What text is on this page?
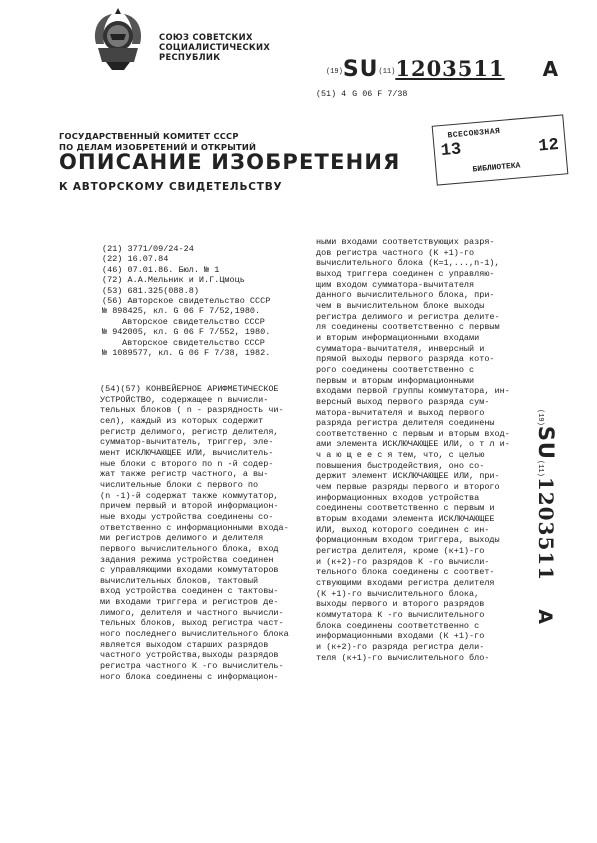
СОЮЗ СОВЕТСКИХ
СОЦИАЛИСТИЧЕСКИХ
РЕСПУБЛИК
(19)SU(11)1203511 A
(51) 4 G 06 F 7/38
ГОСУДАРСТВЕННЫЙ КОМИТЕТ СССР
ПО ДЕЛАМ ИЗОБРЕТЕНИЙ И ОТКРЫТИЙ
ВСЕСОЮЗНАЯ
13	12
БИБЛИОТЕКА
ОПИСАНИЕ ИЗОБРЕТЕНИЯ
К АВТОРСКОМУ СВИДЕТЕЛЬСТВУ
(21) 3771/09/24-24
(22) 16.07.84
(46) 07.01.86. Бюл. № 1
(72) А.А.Мельник и И.Г.Цмоць
(53) 681.325(088.8)
(56) Авторское свидетельство СССР
№ 898425, кл. G 06 F 7/52,1980.
Авторское свидетельство СССР
№ 942005, кл. G 06 F 7/552, 1980.
Авторское свидетельство СССР
№ 1089577, кл. G 06 F 7/38, 1982.
(54)(57) КОНВЕЙЕРНОЕ АРИФМЕТИЧЕСКОЕ
УСТРОЙСТВО, содержащее n вычисли-
тельных блоков ( n - разрядность чи-
сел), каждый из которых содержит
регистр делимого, регистр делителя,
сумматор-вычитатель, триггер, эле-
мент ИСКЛЮЧАЮЩЕЕ ИЛИ, вычислитель-
ные блоки с второго по n -й содер-
жат также регистр частного, а вы-
числительные блоки с первого по
(n -1)-й содержат также коммутатор,
причем первый и второй информацион-
ные входы устройства соединены со-
ответственно с информационными входа-
ми регистров делимого и делителя
первого вычислительного блока, вход
задания режима устройства соединен
с управляющими входами коммутаторов
вычислительных блоков, тактовый
вход устройства соединен с тактовы-
ми входами триггера и регистров де-
лимого, делителя и частного вычисли-
тельных блоков, выход регистра част-
ного последнего вычислительного блока
является выходом старших разрядов
частного устройства,выходы разрядов
регистра частного К -го вычислитель-
ного блока соединены с информацион-
ными входами соответствующих разря-
дов регистра частного (К +1)-го
вычислительного блока (К=1,...,n-1),
выход триггера соединен с управляю-
щим входом сумматора-вычитателя
данного вычислительного блока, при-
чем в вычислительном блоке выходы
регистра делимого и регистра делите-
ля соединены соответственно с первым
и вторым информационными входами
сумматора-вычитателя, инверсный и
прямой выходы первого разряда кото-
рого соединены соответственно с
первым и вторым информационными
входами первой группы коммутатора, ин-
версный выход первого разряда сум-
матора-вычитателя и выход первого
разряда регистра делителя соединены
соответственно с первым и вторым вход-
ами элемента ИСКЛЮЧАЮЩЕЕ ИЛИ, о т л и-
ч а ю щ е е с я тем, что, с целью
повышения быстродействия, оно со-
держит элемент ИСКЛЮЧАЮЩЕЕ ИЛИ, при-
чем первые разряды первого и второго
информационных входов устройства
соединены соответственно с первым и
вторым входами элемента ИСКЛЮЧАЮЩЕЕ
ИЛИ, выход которого соединен с ин-
формационным входом триггера, выходы
регистра делителя, кроме (к+1)-го
и (к+2)-го разрядов К -го вычисли-
тельного блока соединены с соответ-
ствующими входами регистра делителя
(К +1)-го вычислительного блока,
выходы первого и второго разрядов
коммутатора К -го вычислительного
блока соединены соответственно с
информационными входами (К +1)-го
и (к+2)-го разряда регистра дели-
теля (к+1)-го вычислительного бло-
(19)SU(11)1203511A
